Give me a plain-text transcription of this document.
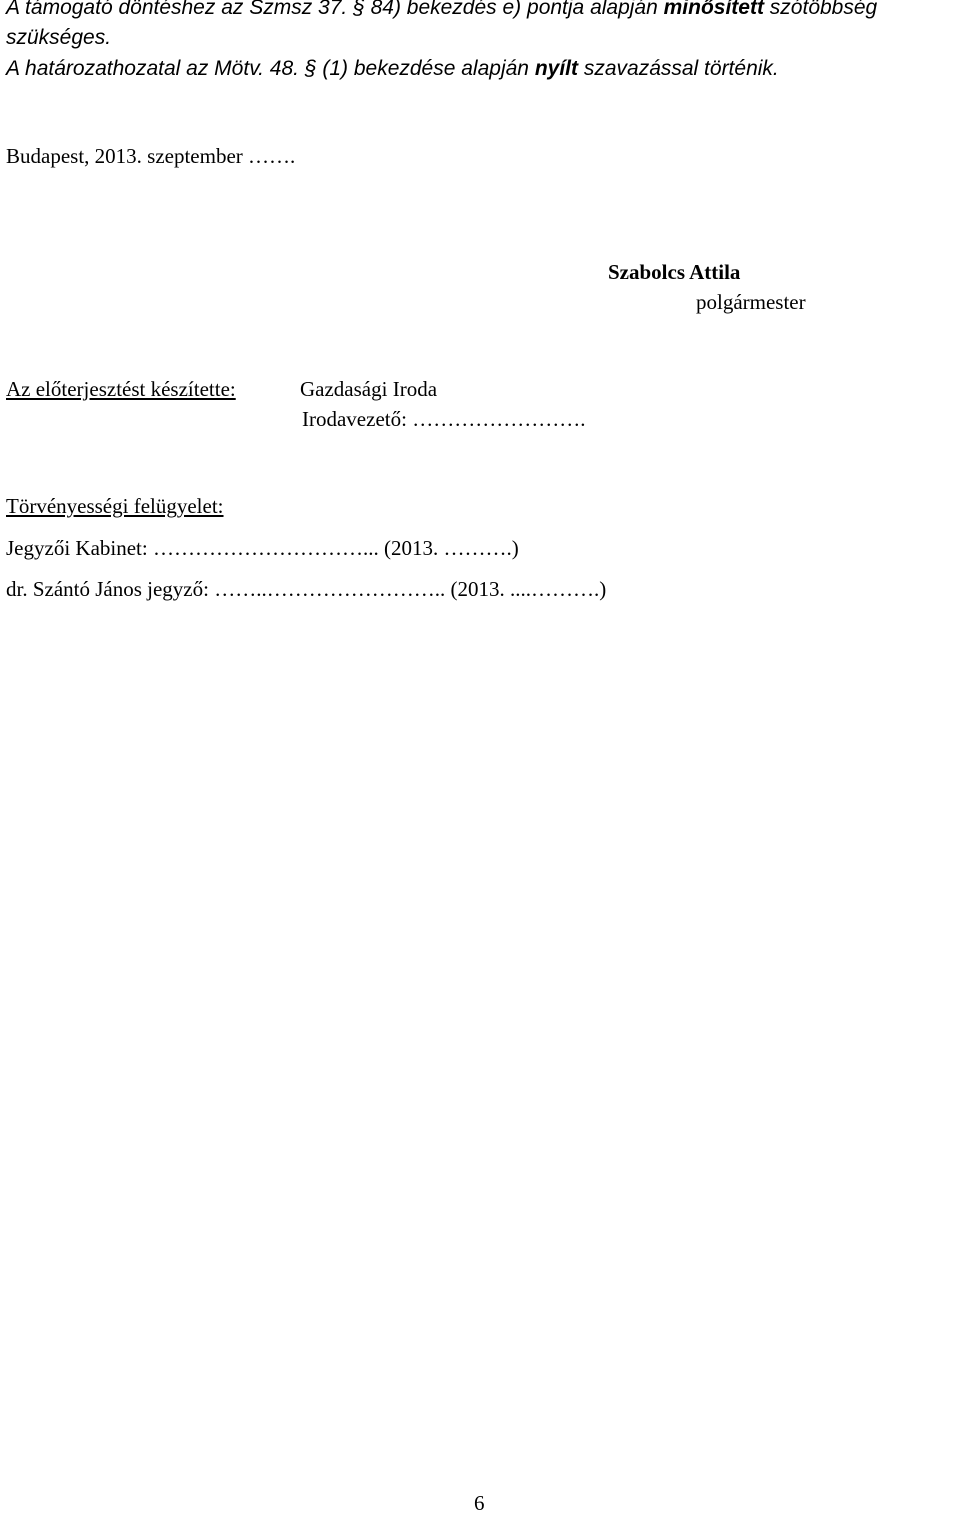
A támogató döntéshez az Szmsz 37. § 84) bekezdés e) pontja alapján minősített szótöbbség
szükséges.
A határozathozatal az Mötv. 48. § (1) bekezdése alapján nyílt szavazással történik.
Budapest, 2013. szeptember …….
Szabolcs Attila
polgármester
Az előterjesztést készítette:	Gazdasági Iroda
Irodavezető: …………………….
Törvényességi felügyelet:
Jegyzői Kabinet: …………………………... (2013. ……….)
dr. Szántó János jegyző: ……..…………………….. (2013. ....……….)
6
